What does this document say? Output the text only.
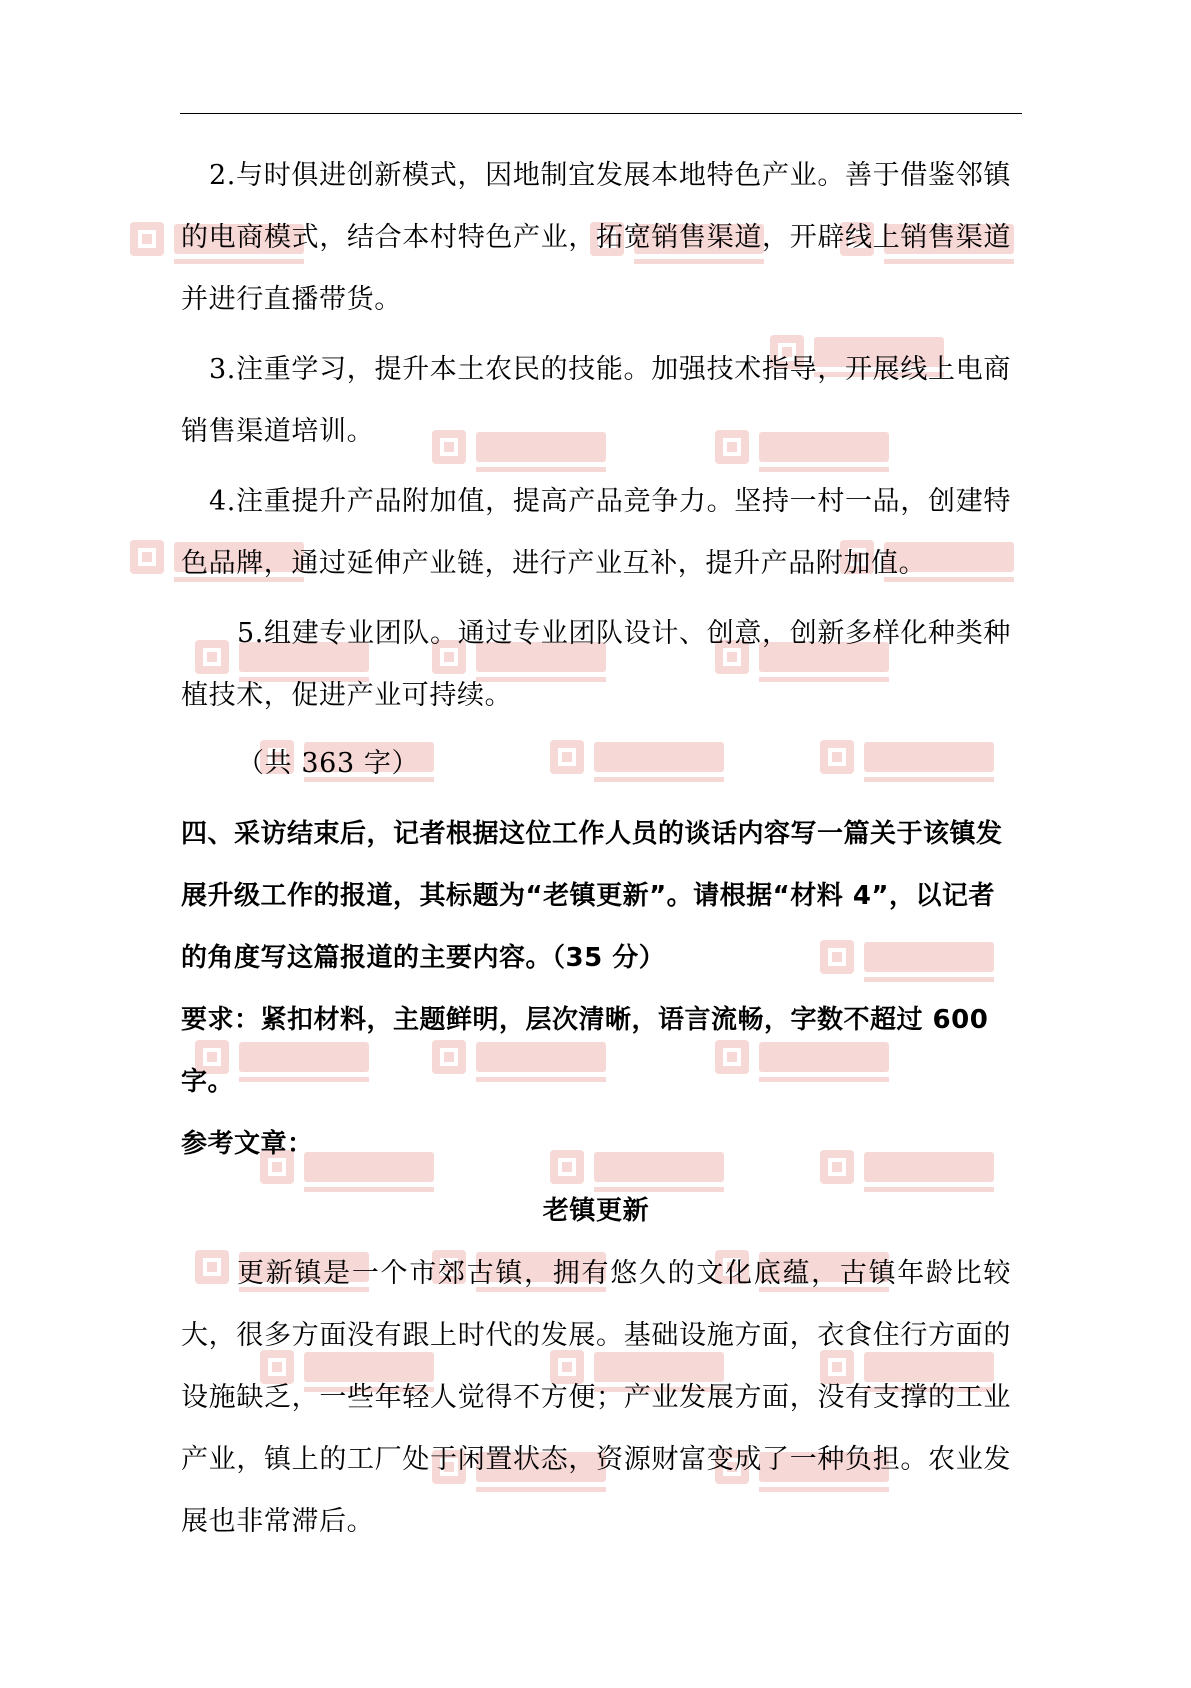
2.与时俱进创新模式，因地制宜发展本地特色产业。善于借鉴邻镇的电商模式，结合本村特色产业，拓宽销售渠道，开辟线上销售渠道并进行直播带货。

3.注重学习，提升本土农民的技能。加强技术指导，开展线上电商销售渠道培训。

4.注重提升产品附加值，提高产品竞争力。坚持一村一品，创建特色品牌，通过延伸产业链，进行产业互补，提升产品附加值。

5.组建专业团队。通过专业团队设计、创意，创新多样化种类种植技术，促进产业可持续。

（共 363 字）

四、采访结束后，记者根据这位工作人员的谈话内容写一篇关于该镇发展升级工作的报道，其标题为“老镇更新”。请根据“材料 4”，以记者的角度写这篇报道的主要内容。（35 分）

要求：紧扣材料，主题鲜明，层次清晰，语言流畅，字数不超过 600 字。

参考文章：

老镇更新

更新镇是一个市郊古镇，拥有悠久的文化底蕴，古镇年龄比较大，很多方面没有跟上时代的发展。基础设施方面，衣食住行方面的设施缺乏，一些年轻人觉得不方便；产业发展方面，没有支撑的工业产业，镇上的工厂处于闲置状态，资源财富变成了一种负担。农业发展也非常滞后。
